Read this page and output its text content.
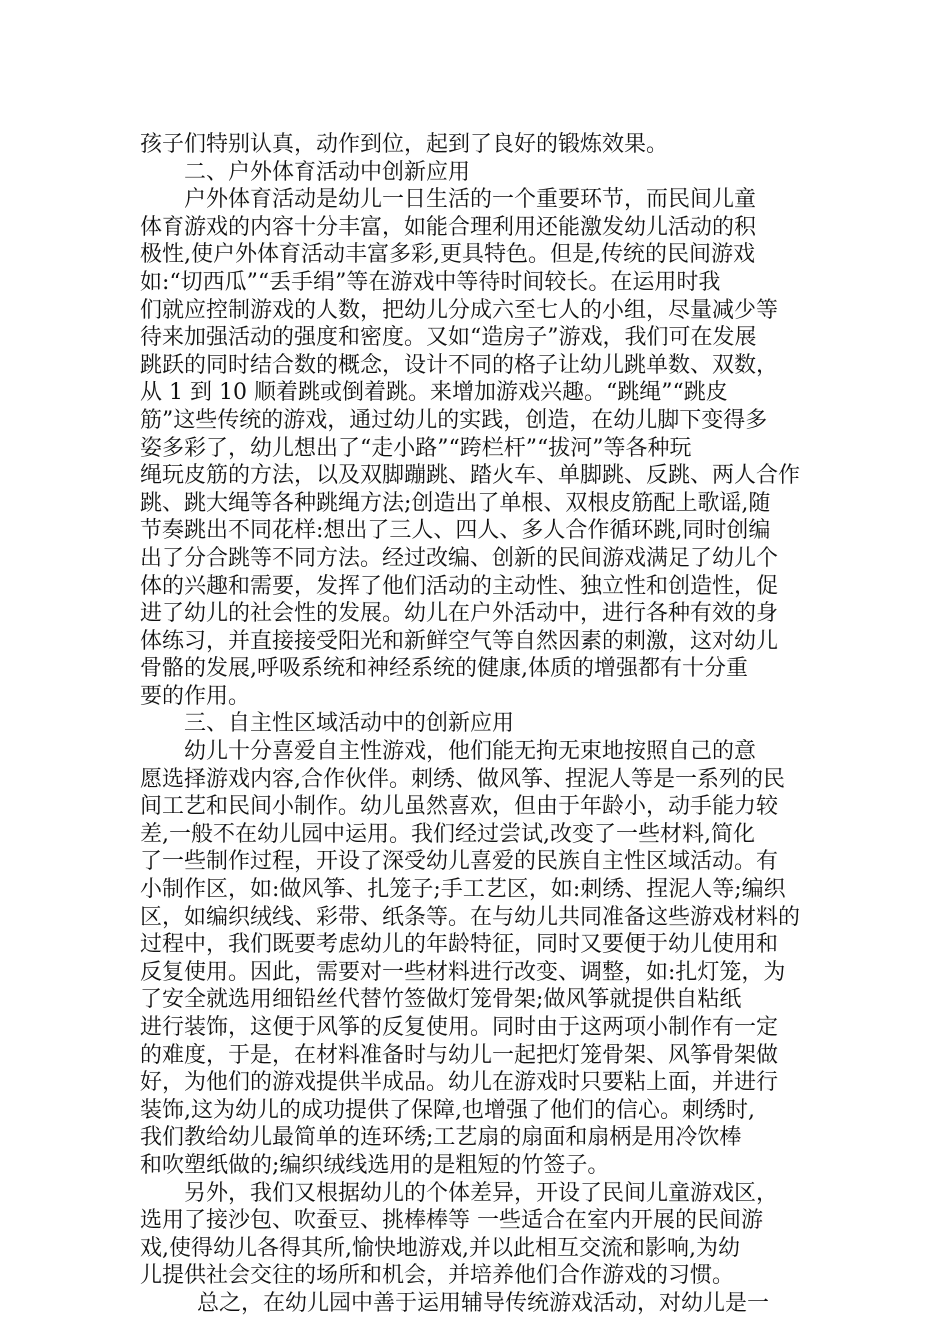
孩子们特别认真，动作到位，起到了良好的锻炼效果。
二、户外体育活动中创新应用
户外体育活动是幼儿一日生活的一个重要环节，而民间儿童
体育游戏的内容十分丰富，如能合理利用还能激发幼儿活动的积
极性,使户外体育活动丰富多彩,更具特色。但是,传统的民间游戏
如:“切西瓜”“丢手绢”等在游戏中等待时间较长。在运用时我
们就应控制游戏的人数，把幼儿分成六至七人的小组，尽量减少等
待来加强活动的强度和密度。又如“造房子”游戏，我们可在发展
跳跃的同时结合数的概念，设计不同的格子让幼儿跳单数、双数，
从 1 到 10 顺着跳或倒着跳。来增加游戏兴趣。“跳绳”“跳皮
筋”这些传统的游戏，通过幼儿的实践，创造，在幼儿脚下变得多
姿多彩了，幼儿想出了“走小路”“跨栏杆”“拔河”等各种玩
绳玩皮筋的方法，以及双脚蹦跳、踏火车、单脚跳、反跳、两人合作
跳、跳大绳等各种跳绳方法;创造出了单根、双根皮筋配上歌谣,随
节奏跳出不同花样:想出了三人、四人、多人合作循环跳,同时创编
出了分合跳等不同方法。经过改编、创新的民间游戏满足了幼儿个
体的兴趣和需要，发挥了他们活动的主动性、独立性和创造性，促
进了幼儿的社会性的发展。幼儿在户外活动中，进行各种有效的身
体练习，并直接接受阳光和新鲜空气等自然因素的刺激，这对幼儿
骨骼的发展,呼吸系统和神经系统的健康,体质的增强都有十分重
要的作用。
三、自主性区域活动中的创新应用
幼儿十分喜爱自主性游戏，他们能无拘无束地按照自己的意
愿选择游戏内容,合作伙伴。刺绣、做风筝、捏泥人等是一系列的民
间工艺和民间小制作。幼儿虽然喜欢，但由于年龄小，动手能力较
差,一般不在幼儿园中运用。我们经过尝试,改变了一些材料,简化
了一些制作过程，开设了深受幼儿喜爱的民族自主性区域活动。有
小制作区，如:做风筝、扎笼子;手工艺区，如:刺绣、捏泥人等;编织
区，如编织绒线、彩带、纸条等。在与幼儿共同准备这些游戏材料的
过程中，我们既要考虑幼儿的年龄特征，同时又要便于幼儿使用和
反复使用。因此，需要对一些材料进行改变、调整，如:扎灯笼，为
了安全就选用细铅丝代替竹签做灯笼骨架;做风筝就提供自粘纸
进行装饰，这便于风筝的反复使用。同时由于这两项小制作有一定
的难度，于是，在材料准备时与幼儿一起把灯笼骨架、风筝骨架做
好，为他们的游戏提供半成品。幼儿在游戏时只要粘上面，并进行
装饰,这为幼儿的成功提供了保障,也增强了他们的信心。刺绣时,
我们教给幼儿最简单的连环绣;工艺扇的扇面和扇柄是用冷饮棒
和吹塑纸做的;编织绒线选用的是粗短的竹签子。
另外，我们又根据幼儿的个体差异，开设了民间儿童游戏区，
选用了接沙包、吹蚕豆、挑棒棒等 一些适合在室内开展的民间游
戏,使得幼儿各得其所,愉快地游戏,并以此相互交流和影响,为幼
儿提供社会交往的场所和机会，并培养他们合作游戏的习惯。
总之，在幼儿园中善于运用辅导传统游戏活动，对幼儿是一
